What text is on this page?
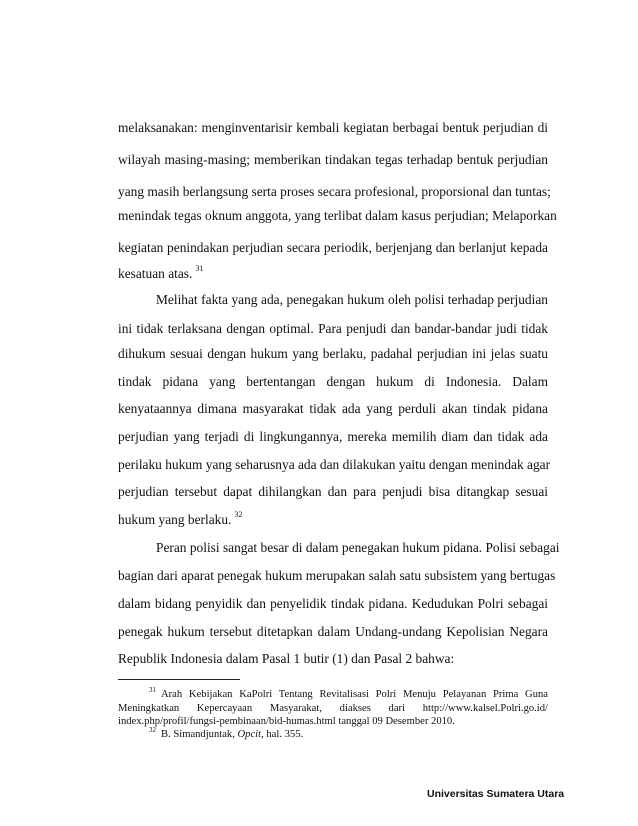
melaksanakan: menginventarisir kembali kegiatan berbagai bentuk perjudian di
wilayah masing-masing; memberikan tindakan tegas terhadap bentuk perjudian
yang masih berlangsung serta proses secara profesional, proporsional dan tuntas;
menindak tegas oknum anggota, yang terlibat dalam kasus perjudian; Melaporkan
kegiatan penindakan perjudian secara periodik, berjenjang dan berlanjut kepada
kesatuan atas. $^{31}$
Melihat fakta yang ada, penegakan hukum oleh polisi terhadap perjudian
ini tidak terlaksana dengan optimal. Para penjudi dan bandar-bandar judi tidak
dihukum sesuai dengan hukum yang berlaku, padahal perjudian ini jelas suatu
tindak pidana yang bertentangan dengan hukum di Indonesia. Dalam
kenyataannya dimana masyarakat tidak ada yang perduli akan tindak pidana
perjudian yang terjadi di lingkungannya, mereka memilih diam dan tidak ada
perilaku hukum yang seharusnya ada dan dilakukan yaitu dengan menindak agar
perjudian tersebut dapat dihilangkan dan para penjudi bisa ditangkap sesuai
hukum yang berlaku. $^{32}$
Peran polisi sangat besar di dalam penegakan hukum pidana. Polisi sebagai
bagian dari aparat penegak hukum merupakan salah satu subsistem yang bertugas
dalam bidang penyidik dan penyelidik tindak pidana. Kedudukan Polri sebagai
penegak hukum tersebut ditetapkan dalam Undang-undang Kepolisian Negara
Republik Indonesia dalam Pasal 1 butir (1) dan Pasal 2 bahwa:
$^{31}$ Arah Kebijakan KaPolri Tentang Revitalisasi Polri Menuju Pelayanan Prima Guna
Meningkatkan Kepercayaan Masyarakat, diakses dari http://www.kalsel.Polri.go.id/
index.php/profil/fungsi-pembinaan/bid-humas.html tanggal 09 Desember 2010.
$^{32}$ B. Simandjuntak, Opcit, hal. 355.
Universitas Sumatera Utara
